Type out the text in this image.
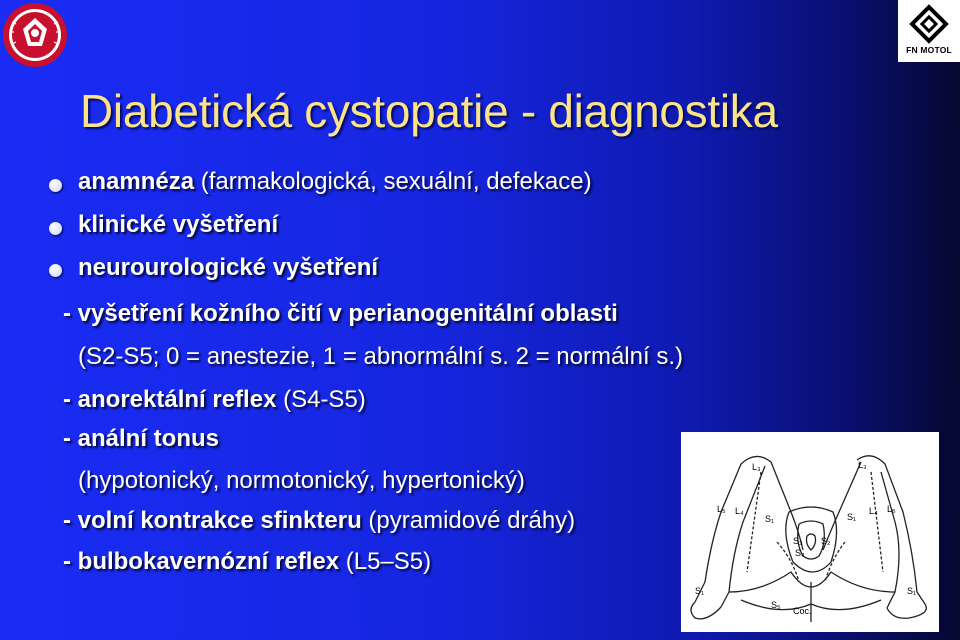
FN MOTOL
Diabetická cystopatie - diagnostika
anamnéza (farmakologická, sexuální, defekace)
klinické vyšetření
neurourologické vyšetření
- vyšetření kožního čití v perianogenitální oblasti
(S2-S5; 0 = anestezie, 1 = abnormální s. 2 = normální s.)
- anorektální reflex (S4-S5)
- anální tonus
(hypotonický, normotonický, hypertonický)
- volní kontrakce sfinkteru (pyramidové dráhy)
- bulbokavernózní reflex (L5–S5)
L₃	L₃
L₄	L₄
L₅	L₅
S₁	S₁
S₂
S₃
S₄
S₅
S₁	S₁
Coc.
